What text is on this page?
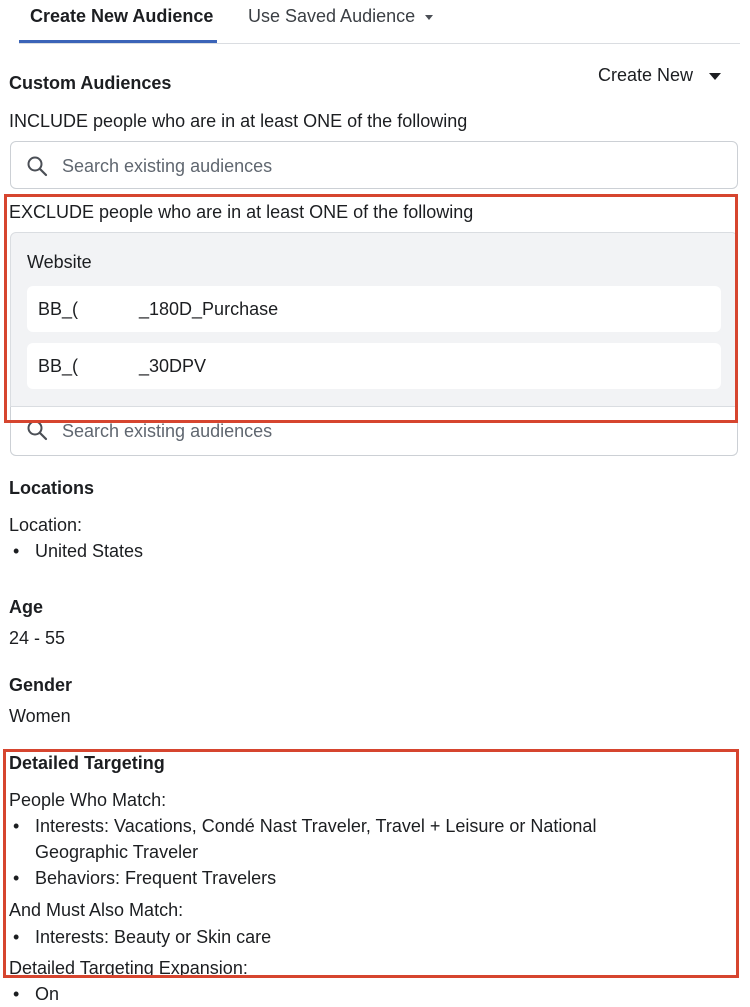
Create New Audience Use Saved Audience
Custom Audiences	Create New
INCLUDE people who are in at least ONE of the following
Search existing audiences
EXCLUDE people who are in at least ONE of the following
Search existing audiences
Website
BB_(	_180D_Purchase
BB_(	_30DPV
Locations
Location:
• United States
Age
24 - 55
Gender
Women
Detailed Targeting
People Who Match:
• Interests: Vacations, Condé Nast Traveler, Travel + Leisure or National Geographic Traveler
• Behaviors: Frequent Travelers
And Must Also Match:
• Interests: Beauty or Skin care
Detailed Targeting Expansion:
• On
